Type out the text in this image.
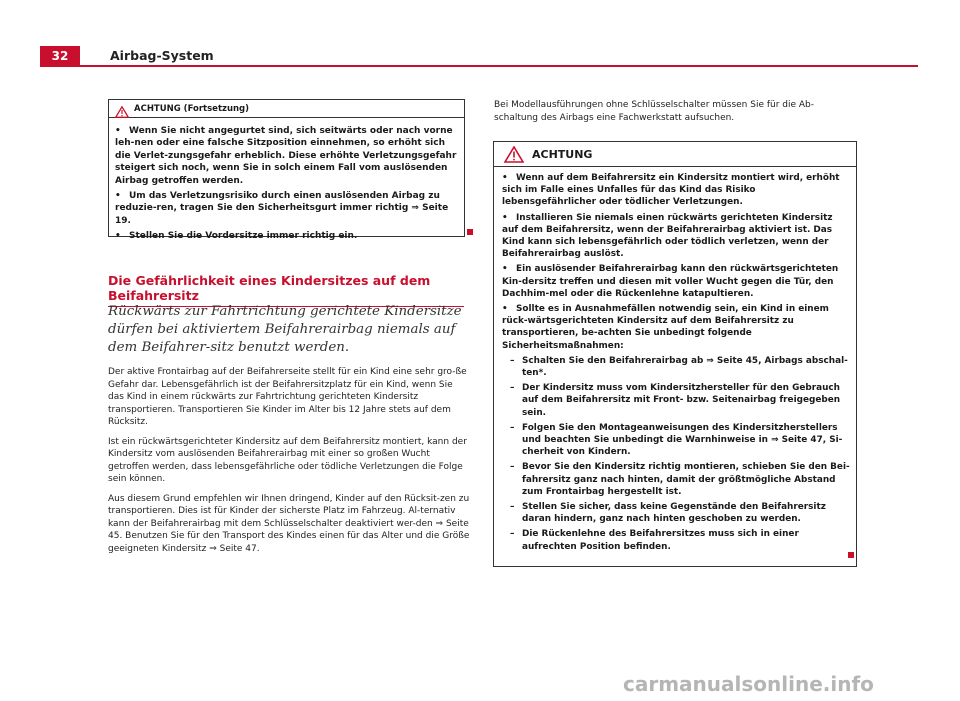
32	Airbag-System
ACHTUNG (Fortsetzung)

• Wenn Sie nicht angegurtet sind, sich seitwärts oder nach vorne leh-nen oder eine falsche Sitzposition einnehmen, so erhöht sich die Verlet-zungsgefahr erheblich. Diese erhöhte Verletzungsgefahr steigert sich noch, wenn Sie in solch einem Fall vom auslösenden Airbag getroffen werden.

• Um das Verletzungsrisiko durch einen auslösenden Airbag zu reduzie-ren, tragen Sie den Sicherheitsgurt immer richtig ⇒ Seite 19.

• Stellen Sie die Vordersitze immer richtig ein.

Die Gefährlichkeit eines Kindersitzes auf dem Beifahrersitz
Rückwärts zur Fahrtrichtung gerichtete Kindersitze dürfen bei aktiviertem Beifahrerairbag niemals auf dem Beifahrer-sitz benutzt werden.

Der aktive Frontairbag auf der Beifahrerseite stellt für ein Kind eine sehr gro-ße Gefahr dar. Lebensgefährlich ist der Beifahrersitzplatz für ein Kind, wenn Sie das Kind in einem rückwärts zur Fahrtrichtung gerichteten Kindersitz transportieren. Transportieren Sie Kinder im Alter bis 12 Jahre stets auf dem Rücksitz.

Ist ein rückwärtsgerichteter Kindersitz auf dem Beifahrersitz montiert, kann der Kindersitz vom auslösenden Beifahrerairbag mit einer so großen Wucht getroffen werden, dass lebensgefährliche oder tödliche Verletzungen die Folge sein können.

Aus diesem Grund empfehlen wir Ihnen dringend, Kinder auf den Rücksit-zen zu transportieren. Dies ist für Kinder der sicherste Platz im Fahrzeug. Al-ternativ kann der Beifahrerairbag mit dem Schlüsselschalter deaktiviert wer-den ⇒ Seite 45. Benutzen Sie für den Transport des Kindes einen für das Alter und die Größe geeigneten Kindersitz ⇒ Seite 47.

Bei Modellausführungen ohne Schlüsselschalter müssen Sie für die Ab-schaltung des Airbags eine Fachwerkstatt aufsuchen.
ACHTUNG

• Wenn auf dem Beifahrersitz ein Kindersitz montiert wird, erhöht sich im Falle eines Unfalles für das Kind das Risiko lebensgefährlicher oder tödlicher Verletzungen.

• Installieren Sie niemals einen rückwärts gerichteten Kindersitz auf dem Beifahrersitz, wenn der Beifahrerairbag aktiviert ist. Das Kind kann sich lebensgefährlich oder tödlich verletzen, wenn der Beifahrerairbag auslöst.

• Ein auslösender Beifahrerairbag kann den rückwärtsgerichteten Kin-dersitz treffen und diesen mit voller Wucht gegen die Tür, den Dachhim-mel oder die Rückenlehne katapultieren.

• Sollte es in Ausnahmefällen notwendig sein, ein Kind in einem rück-wärtsgerichteten Kindersitz auf dem Beifahrersitz zu transportieren, be-achten Sie unbedingt folgende Sicherheitsmaßnahmen:

– Schalten Sie den Beifahrerairbag ab ⇒ Seite 45, Airbags abschal-ten*.

– Der Kindersitz muss vom Kindersitzhersteller für den Gebrauch auf dem Beifahrersitz mit Front- bzw. Seitenairbag freigegeben sein.

– Folgen Sie den Montageanweisungen des Kindersitzherstellers und beachten Sie unbedingt die Warnhinweise in ⇒ Seite 47, Si-cherheit von Kindern.

– Bevor Sie den Kindersitz richtig montieren, schieben Sie den Bei-fahrersitz ganz nach hinten, damit der größtmögliche Abstand zum Frontairbag hergestellt ist.

– Stellen Sie sicher, dass keine Gegenstände den Beifahrersitz daran hindern, ganz nach hinten geschoben zu werden.

– Die Rückenlehne des Beifahrersitzes muss sich in einer aufrechten Position befinden.

carmanualsonline.info
